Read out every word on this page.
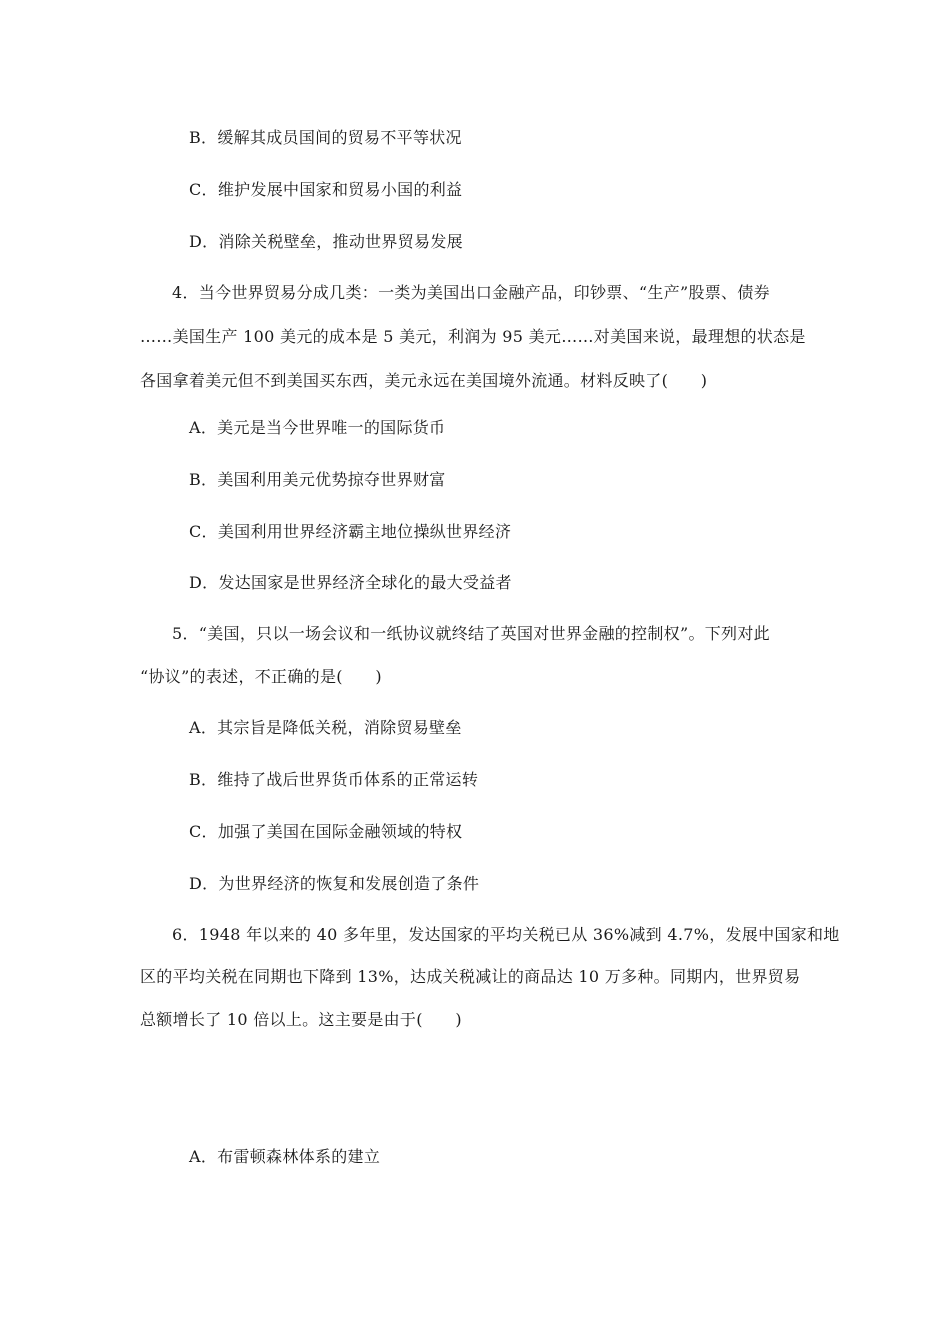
B．缓解其成员国间的贸易不平等状况
C．维护发展中国家和贸易小国的利益
D．消除关税壁垒，推动世界贸易发展
4．当今世界贸易分成几类：一类为美国出口金融产品，印钞票、“生产”股票、债券
……美国生产 100 美元的成本是 5 美元，利润为 95 美元……对美国来说，最理想的状态是
各国拿着美元但不到美国买东西，美元永远在美国境外流通。材料反映了(　　)
A．美元是当今世界唯一的国际货币
B．美国利用美元优势掠夺世界财富
C．美国利用世界经济霸主地位操纵世界经济
D．发达国家是世界经济全球化的最大受益者
5．“美国，只以一场会议和一纸协议就终结了英国对世界金融的控制权”。下列对此
“协议”的表述，不正确的是(　　)
A．其宗旨是降低关税，消除贸易壁垒
B．维持了战后世界货币体系的正常运转
C．加强了美国在国际金融领域的特权
D．为世界经济的恢复和发展创造了条件
6．1948 年以来的 40 多年里，发达国家的平均关税已从 36%减到 4.7%，发展中国家和地
区的平均关税在同期也下降到 13%，达成关税减让的商品达 10 万多种。同期内，世界贸易
总额增长了 10 倍以上。这主要是由于(　　)
A．布雷顿森林体系的建立
